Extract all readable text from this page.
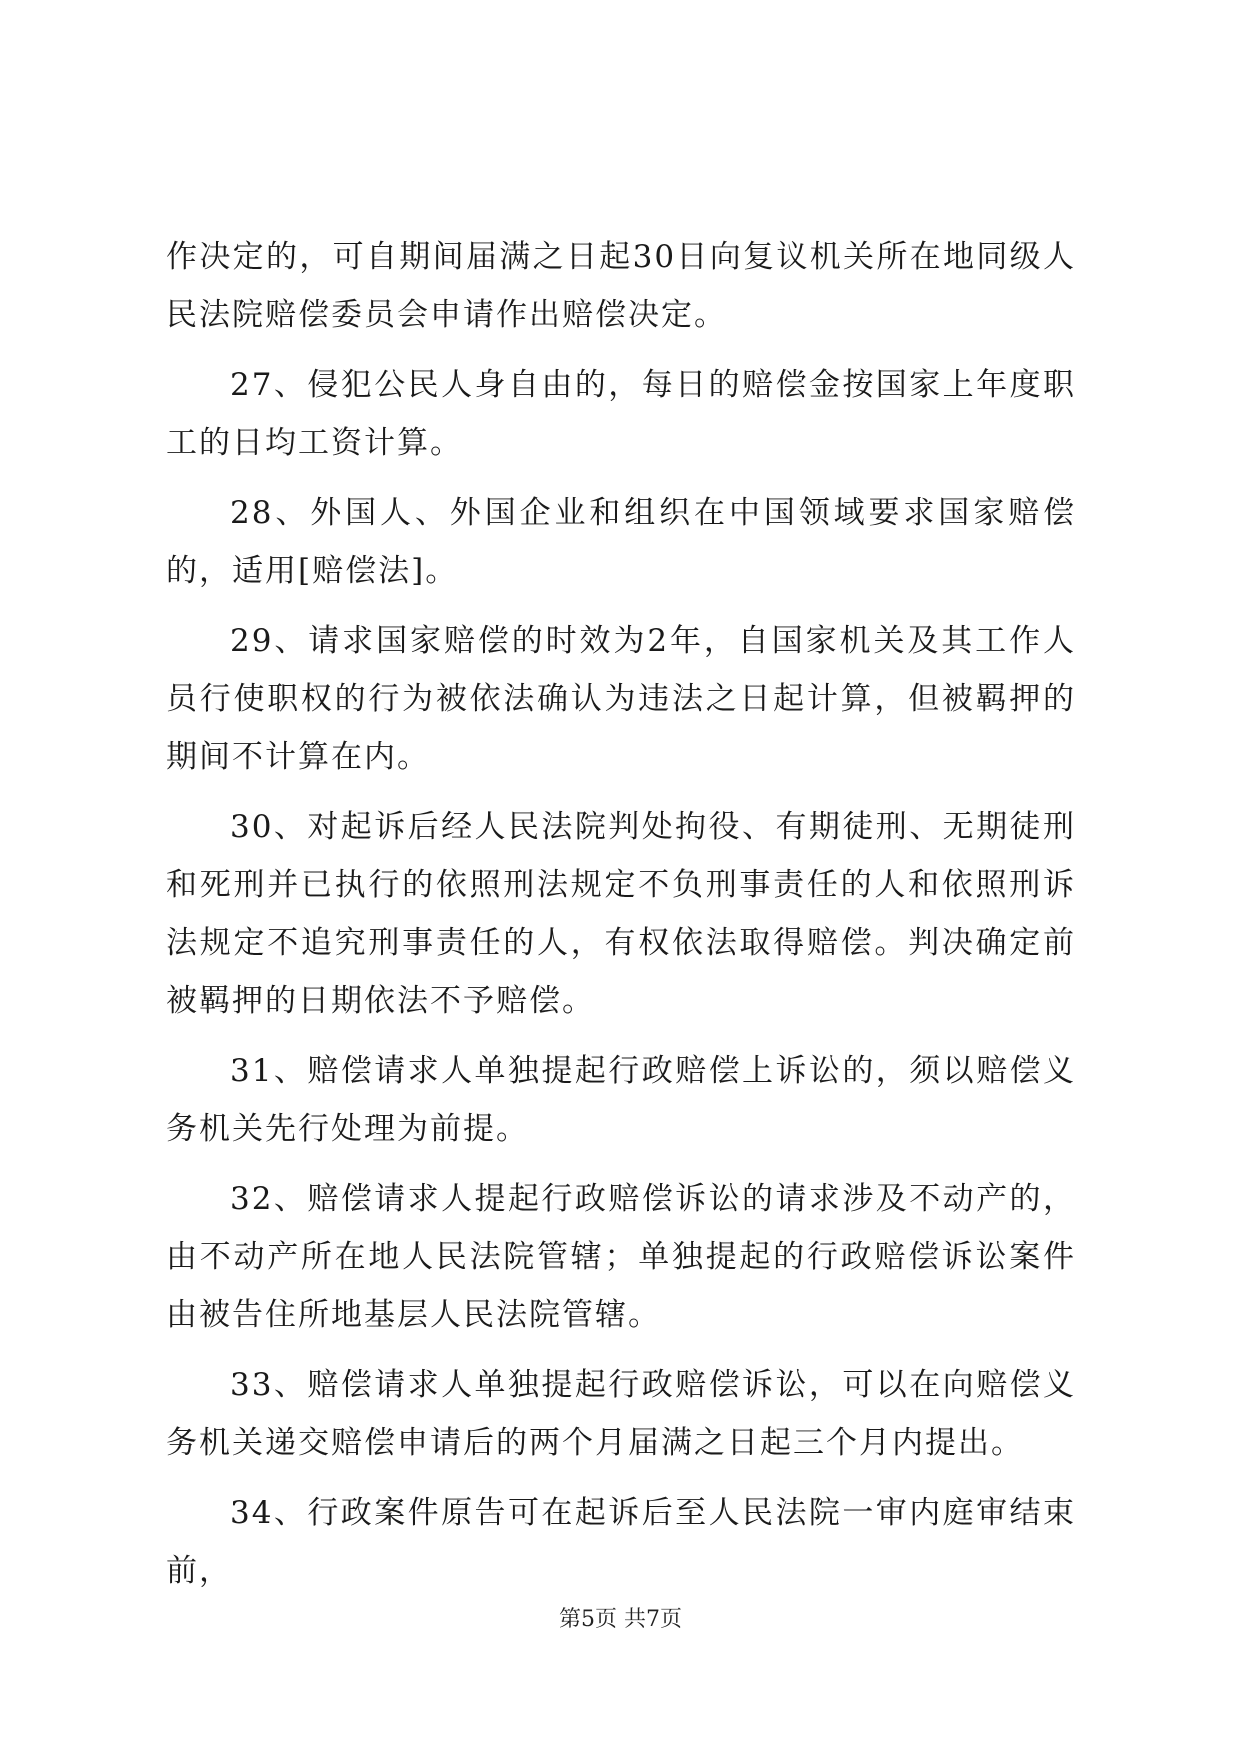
作决定的，可自期间届满之日起30日向复议机关所在地同级人民法院赔偿委员会申请作出赔偿决定。

27、侵犯公民人身自由的，每日的赔偿金按国家上年度职工的日均工资计算。

28、外国人、外国企业和组织在中国领域要求国家赔偿的，适用[赔偿法]。

29、请求国家赔偿的时效为2年，自国家机关及其工作人员行使职权的行为被依法确认为违法之日起计算，但被羁押的期间不计算在内。

30、对起诉后经人民法院判处拘役、有期徒刑、无期徒刑和死刑并已执行的依照刑法规定不负刑事责任的人和依照刑诉法规定不追究刑事责任的人，有权依法取得赔偿。判决确定前被羁押的日期依法不予赔偿。

31、赔偿请求人单独提起行政赔偿上诉讼的，须以赔偿义务机关先行处理为前提。

32、赔偿请求人提起行政赔偿诉讼的请求涉及不动产的，由不动产所在地人民法院管辖；单独提起的行政赔偿诉讼案件由被告住所地基层人民法院管辖。

33、赔偿请求人单独提起行政赔偿诉讼，可以在向赔偿义务机关递交赔偿申请后的两个月届满之日起三个月内提出。

34、行政案件原告可在起诉后至人民法院一审内庭审结束前，

第5页 共7页
